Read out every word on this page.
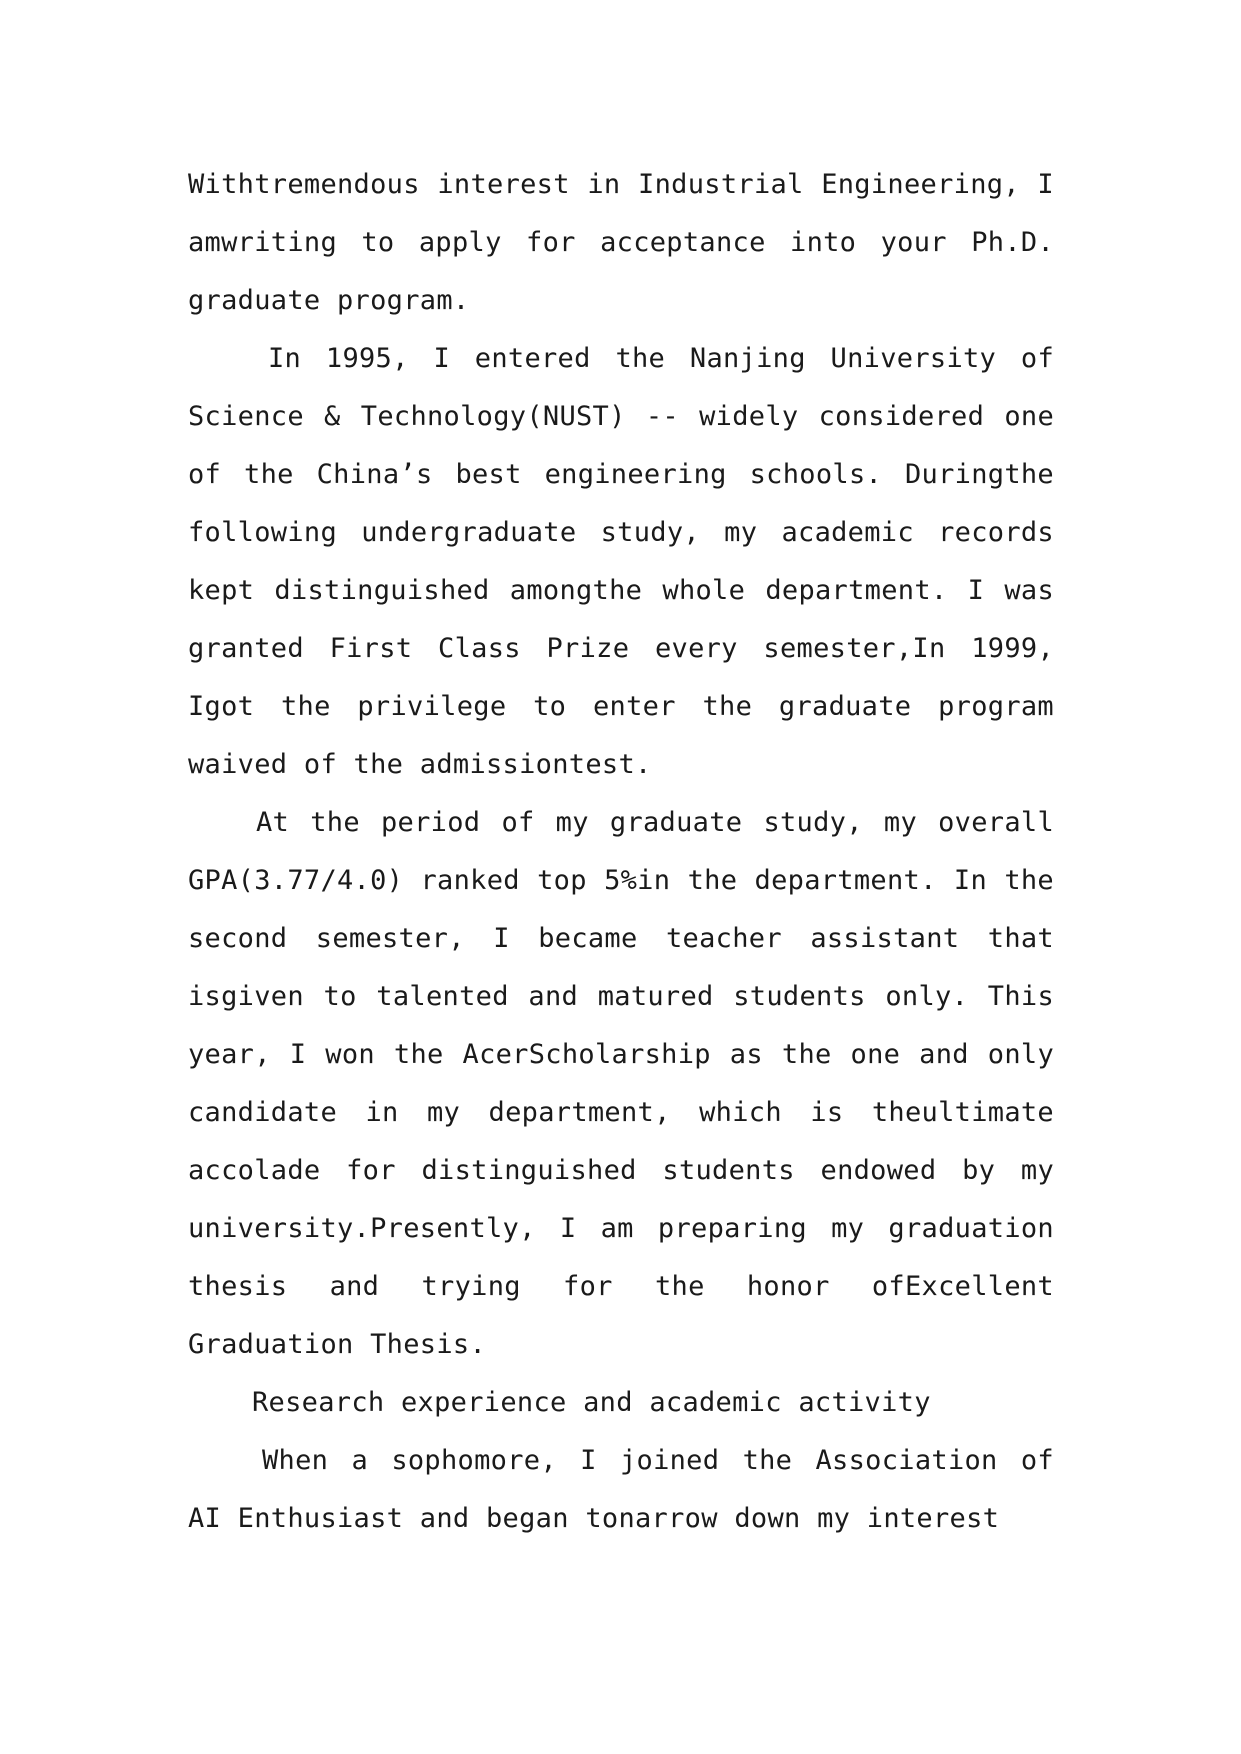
Withtremendous interest in Industrial Engineering, I amwriting to apply for acceptance into your Ph.D. graduate program.

In 1995, I entered the Nanjing University of Science & Technology(NUST) -- widely considered one of the China’s best engineering schools. Duringthe following undergraduate study, my academic records kept distinguished amongthe whole department. I was granted First Class Prize every semester,In 1999, Igot the privilege to enter the graduate program waived of the admissiontest.

At the period of my graduate study, my overall GPA(3.77/4.0) ranked top 5%in the department. In the second semester, I became teacher assistant that isgiven to talented and matured students only. This year, I won the AcerScholarship as the one and only candidate in my department, which is theultimate accolade for distinguished students endowed by my university.Presently, I am preparing my graduation thesis and trying for the honor ofExcellent Graduation Thesis.

Research experience and academic activity

When a sophomore, I joined the Association of AI Enthusiast and began tonarrow down my interest
